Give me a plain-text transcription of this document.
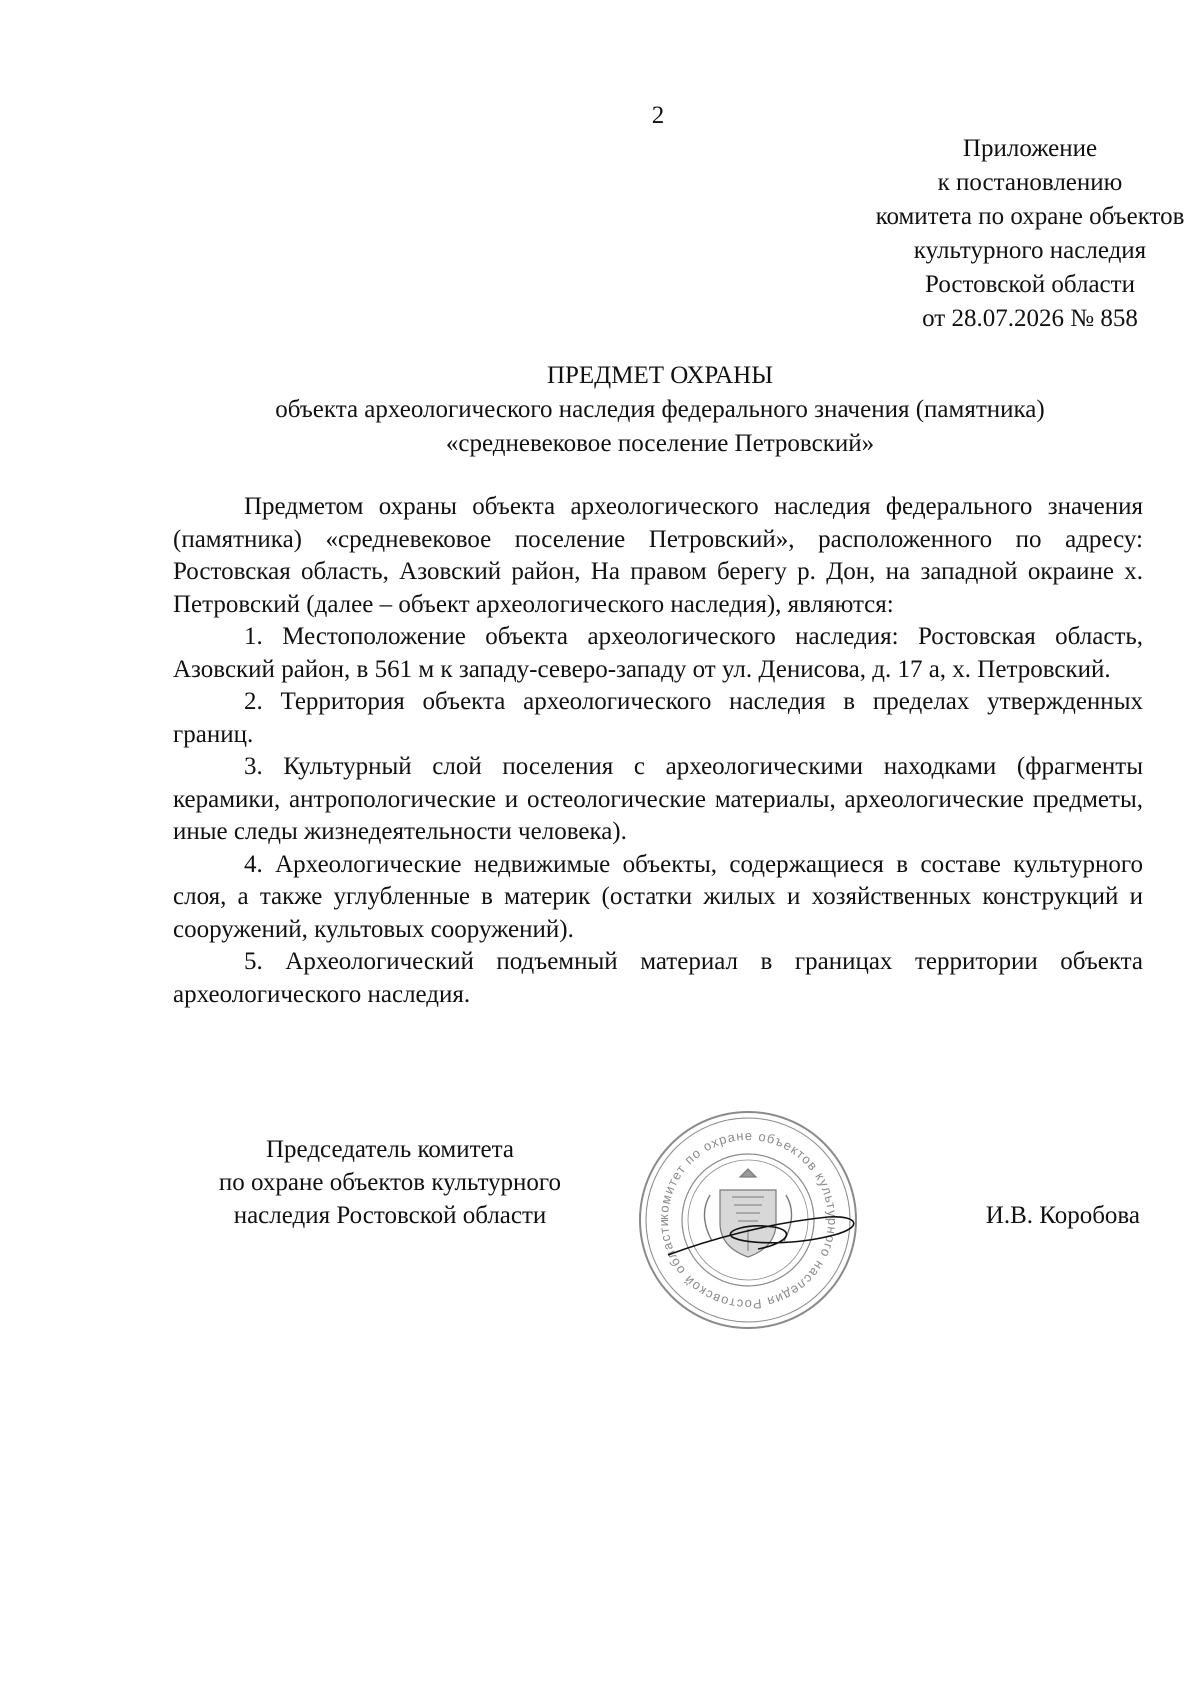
2
Приложение
к постановлению
комитета по охране объектов
культурного наследия
Ростовской области
от 28.07.2026 № 858
ПРЕДМЕТ ОХРАНЫ
объекта археологического наследия федерального значения (памятника)
«средневековое поселение Петровский»

Предметом охраны объекта археологического наследия федерального значения (памятника) «средневековое поселение Петровский», расположенного по адресу: Ростовская область, Азовский район, На правом берегу р. Дон, на западной окраине х. Петровский (далее – объект археологического наследия), являются:

1. Местоположение объекта археологического наследия: Ростовская область, Азовский район, в 561 м к западу-северо-западу от ул. Денисова, д. 17 а, х. Петровский.

2. Территория объекта археологического наследия в пределах утвержденных границ.

3. Культурный слой поселения с археологическими находками (фрагменты керамики, антропологические и остеологические материалы, археологические предметы, иные следы жизнедеятельности человека).

4. Археологические недвижимые объекты, содержащиеся в составе культурного слоя, а также углубленные в материк (остатки жилых и хозяйственных конструкций и сооружений, культовых сооружений).

5. Археологический подъемный материал в границах территории объекта археологического наследия.

Председатель комитета
по охране объектов культурного
наследия Ростовской области	комитет по охране объектов культурного наследия Ростовской области	И.В. Коробова
